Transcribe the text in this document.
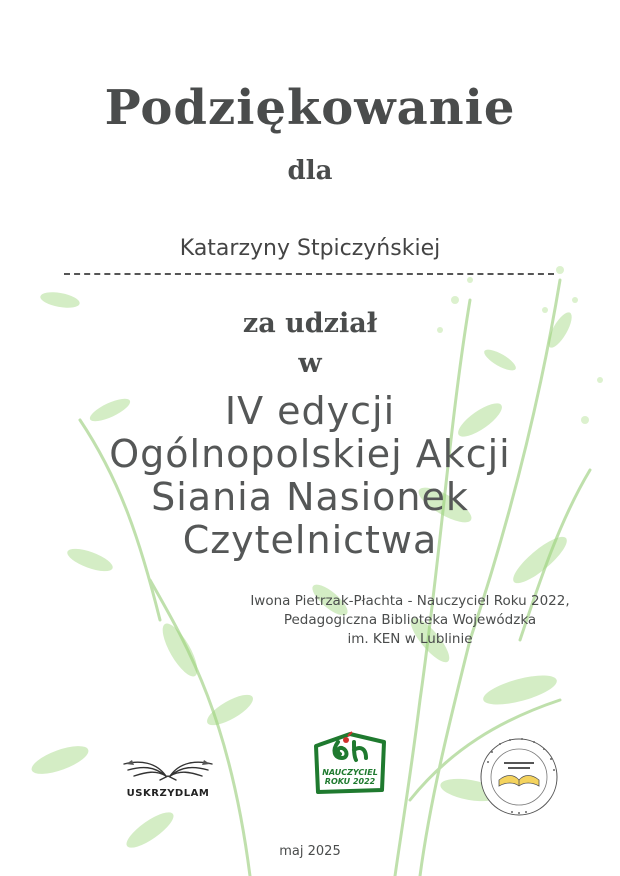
Podziękowanie
dla
Katarzyny Stpiczyńskiej
za udział
w
IV edycji
Ogólnopolskiej Akcji
Siania Nasionek
Czytelnictwa
Iwona Pietrzak-Płachta - Nauczyciel Roku 2022,
Pedagogiczna Biblioteka Wojewódzka
im. KEN w Lublinie
USKRZYDLAM
NAUCZYCIEL
ROKU 2022
maj 2025
